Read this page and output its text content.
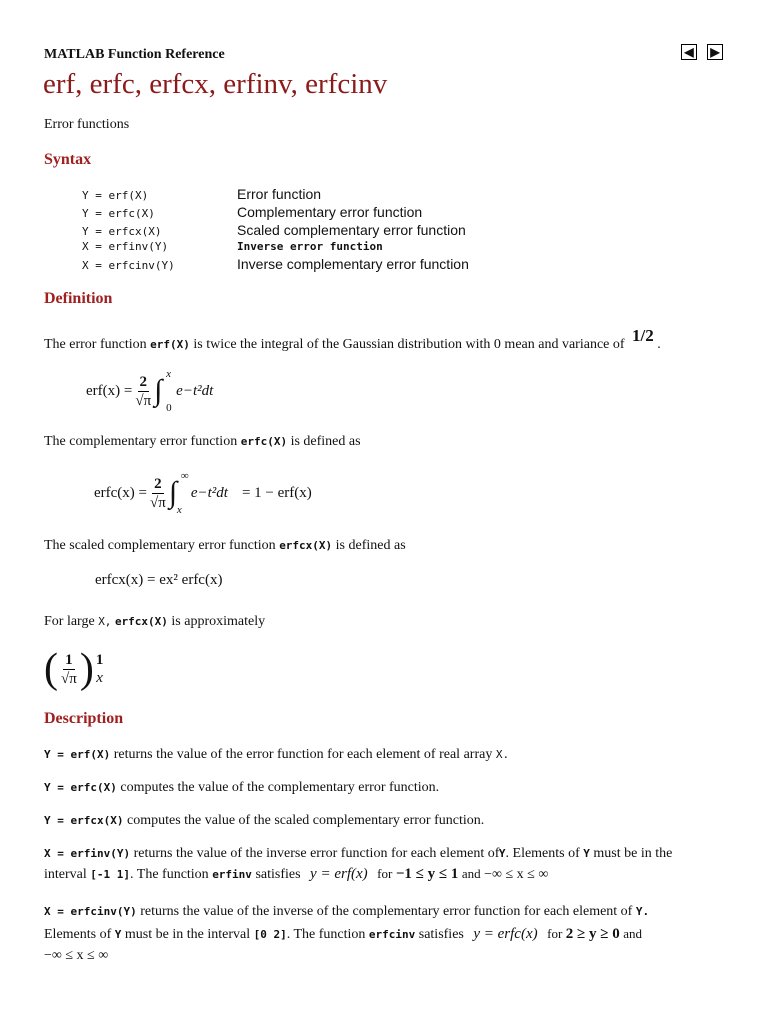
MATLAB Function Reference	◀ ▶
erf, erfc, erfcx, erfinv, erfcinv
Error functions
Syntax
Y = erf(X)	Error function
Y = erfc(X)	Complementary error function
Y = erfcx(X)	Scaled complementary error function
X = erfinv(Y)	Inverse error function
X = erfcinv(Y)	Inverse complementary error function
Definition
The error function erf(X) is twice the integral of the Gaussian distribution with 0 mean and variance of 1/2 .
$erf(x) = \frac{2}{√\pi}$ ∫ x
0
e−t²dt
The complementary error function erfc(X) is defined as
erfc(x) = $\frac{2}{√\pi}$ ∫ ∞
x
e−t²dt = 1 − erf(x)
The scaled complementary error function erfcx(X) is defined as
erfcx(x) = ex² erfc(x)
For large X, erfcx(X) is approximately
( $\frac{1}{√\pi}$ ) 1
x
Description
Y = erf(X) returns the value of the error function for each element of real array X.
Y = erfc(X) computes the value of the complementary error function.
Y = erfcx(X) computes the value of the scaled complementary error function.
X = erfinv(Y) returns the value of the inverse error function for each element of Y. Elements of Y must be in the
interval [-1 1]. The function erfinv satisfies y = erf(x) for −1 ≤ y ≤ 1 and −∞ ≤ x ≤ ∞
X = erfcinv(Y) returns the value of the inverse of the complementary error function for each element of Y.
Elements of Y must be in the interval [0 2]. The function erfcinv satisfies y = erfc(x) for 2 ≥ y ≥ 0 and
−∞ ≤ x ≤ ∞
